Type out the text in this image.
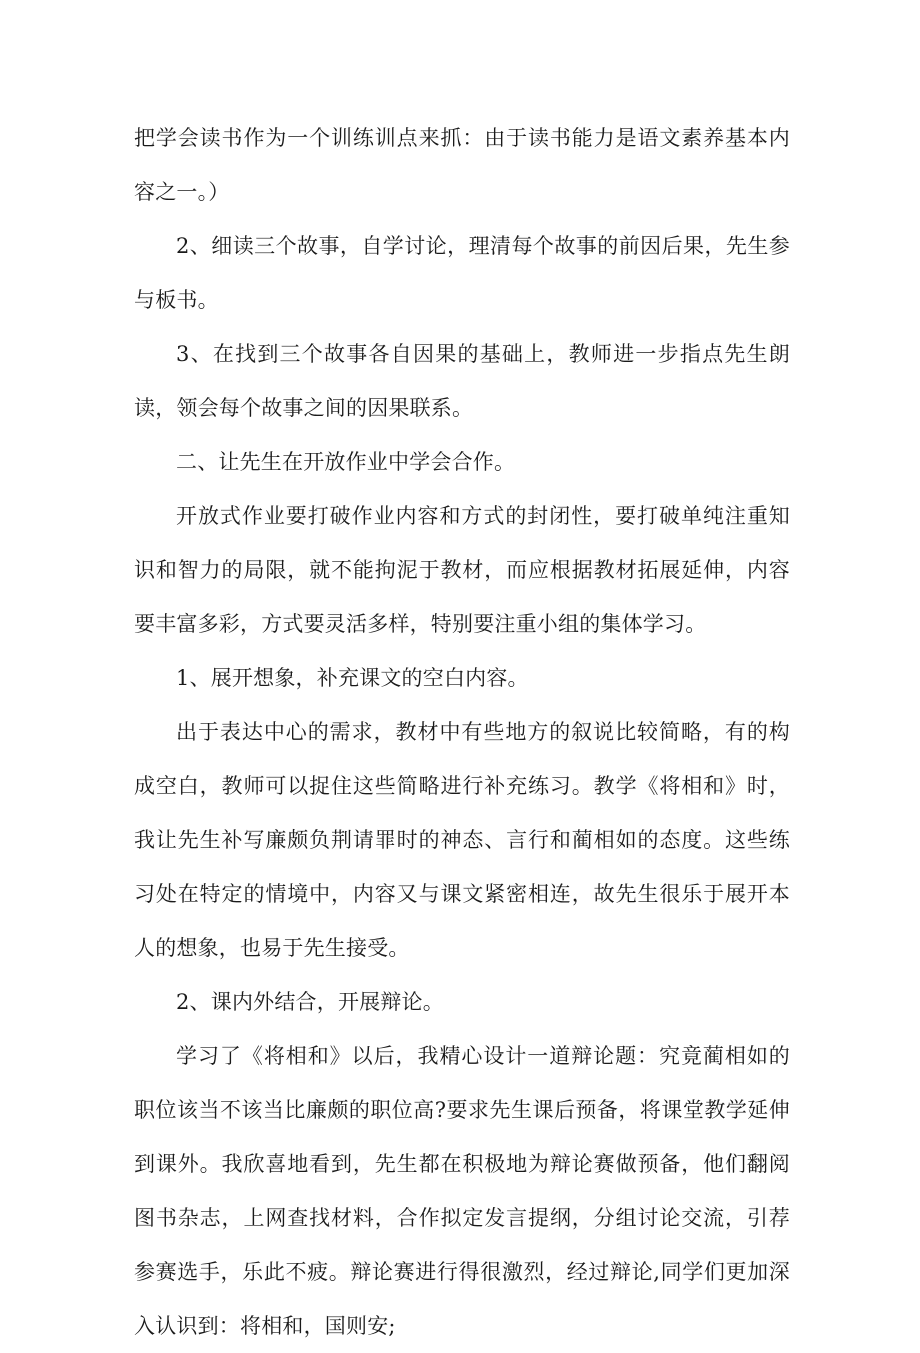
把学会读书作为一个训练训点来抓：由于读书能力是语文素养基本内容之一。）

2、细读三个故事，自学讨论，理清每个故事的前因后果，先生参与板书。

3、在找到三个故事各自因果的基础上，教师进一步指点先生朗读，领会每个故事之间的因果联系。

二、让先生在开放作业中学会合作。

开放式作业要打破作业内容和方式的封闭性，要打破单纯注重知识和智力的局限，就不能拘泥于教材，而应根据教材拓展延伸，内容要丰富多彩，方式要灵活多样，特别要注重小组的集体学习。

1、展开想象，补充课文的空白内容。

出于表达中心的需求，教材中有些地方的叙说比较简略，有的构成空白，教师可以捉住这些简略进行补充练习。教学《将相和》时，我让先生补写廉颇负荆请罪时的神态、言行和蔺相如的态度。这些练习处在特定的情境中，内容又与课文紧密相连，故先生很乐于展开本人的想象，也易于先生接受。

2、课内外结合，开展辩论。

学习了《将相和》以后，我精心设计一道辩论题：究竟蔺相如的职位该当不该当比廉颇的职位高?要求先生课后预备，将课堂教学延伸到课外。我欣喜地看到，先生都在积极地为辩论赛做预备，他们翻阅图书杂志，上网查找材料，合作拟定发言提纲，分组讨论交流，引荐参赛选手，乐此不疲。辩论赛进行得很激烈，经过辩论,同学们更加深入认识到：将相和，国则安;
